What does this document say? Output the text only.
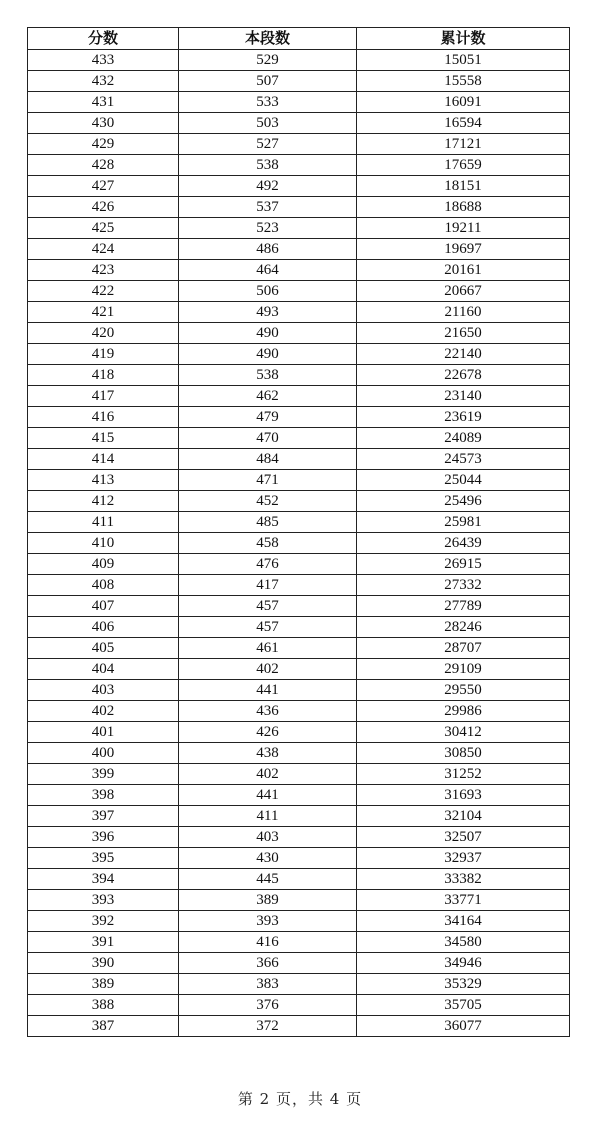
分数	本段数	累计数
433	529	15051
432	507	15558
431	533	16091
430	503	16594
429	527	17121
428	538	17659
427	492	18151
426	537	18688
425	523	19211
424	486	19697
423	464	20161
422	506	20667
421	493	21160
420	490	21650
419	490	22140
418	538	22678
417	462	23140
416	479	23619
415	470	24089
414	484	24573
413	471	25044
412	452	25496
411	485	25981
410	458	26439
409	476	26915
408	417	27332
407	457	27789
406	457	28246
405	461	28707
404	402	29109
403	441	29550
402	436	29986
401	426	30412
400	438	30850
399	402	31252
398	441	31693
397	411	32104
396	403	32507
395	430	32937
394	445	33382
393	389	33771
392	393	34164
391	416	34580
390	366	34946
389	383	35329
388	376	35705
387	372	36077
第 2 页，共 4 页
